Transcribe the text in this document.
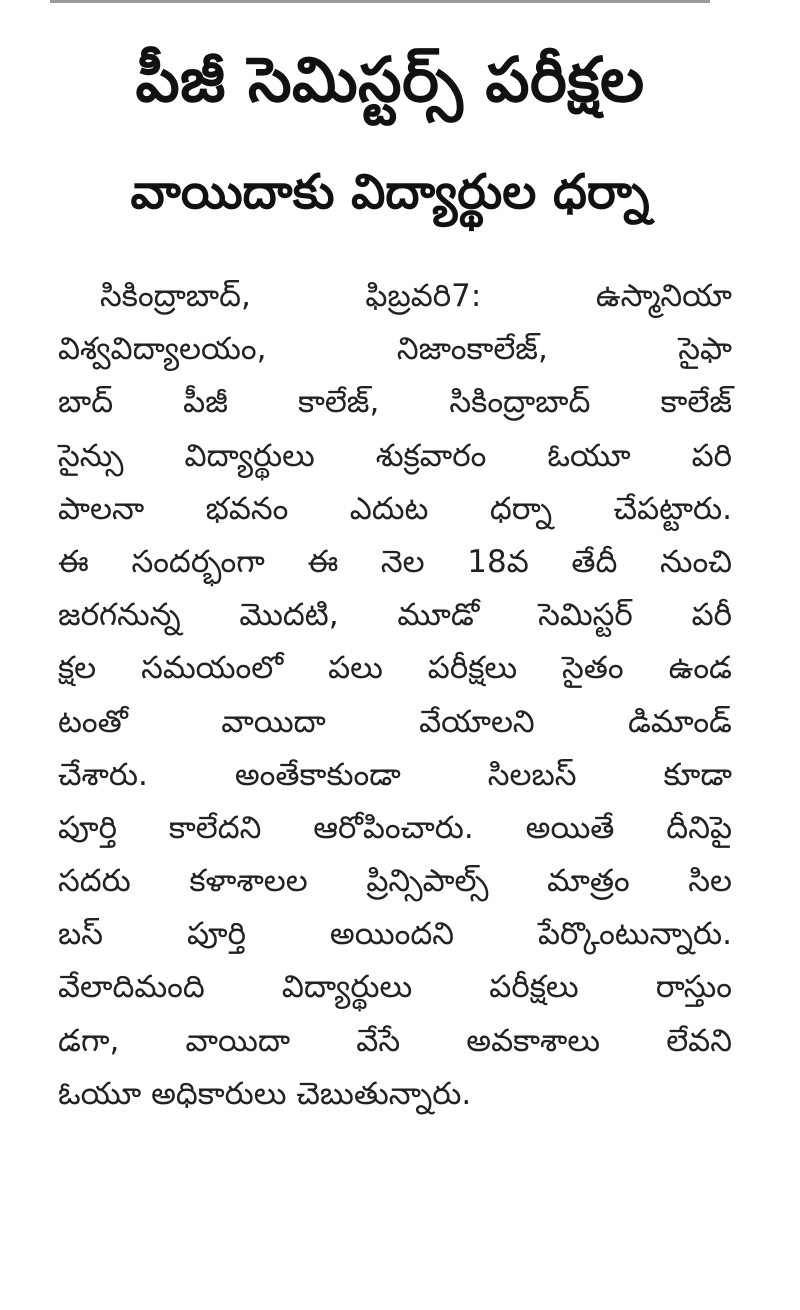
పీజీ సెమిస్టర్స్ పరీక్షల
వాయిదాకు విద్యార్థుల ధర్నా
సికింద్రాబాద్, ఫిబ్రవరి7: ఉస్మానియా
విశ్వవిద్యాలయం, నిజాంకాలేజ్, సైఫా
బాద్ పీజీ కాలేజ్, సికింద్రాబాద్ కాలేజ్
సైన్సు విద్యార్థులు శుక్రవారం ఓయూ పరి
పాలనా భవనం ఎదుట ధర్నా చేపట్టారు.
ఈ సందర్భంగా ఈ నెల 18వ తేదీ నుంచి
జరగనున్న మొదటి, మూడో సెమిస్టర్ పరీ
క్షల సమయంలో పలు పరీక్షలు సైతం ఉండ
టంతో వాయిదా వేయాలని డిమాండ్
చేశారు. అంతేకాకుండా సిలబస్ కూడా
పూర్తి కాలేదని ఆరోపించారు. అయితే దీనిపై
సదరు కళాశాలల ప్రిన్సిపాల్స్ మాత్రం సిల
బస్ పూర్తి అయిందని పేర్కొంటున్నారు.
వేలాదిమంది విద్యార్థులు పరీక్షలు రాస్తుం
డగా, వాయిదా వేసే అవకాశాలు లేవని
ఓయూ అధికారులు చెబుతున్నారు.
